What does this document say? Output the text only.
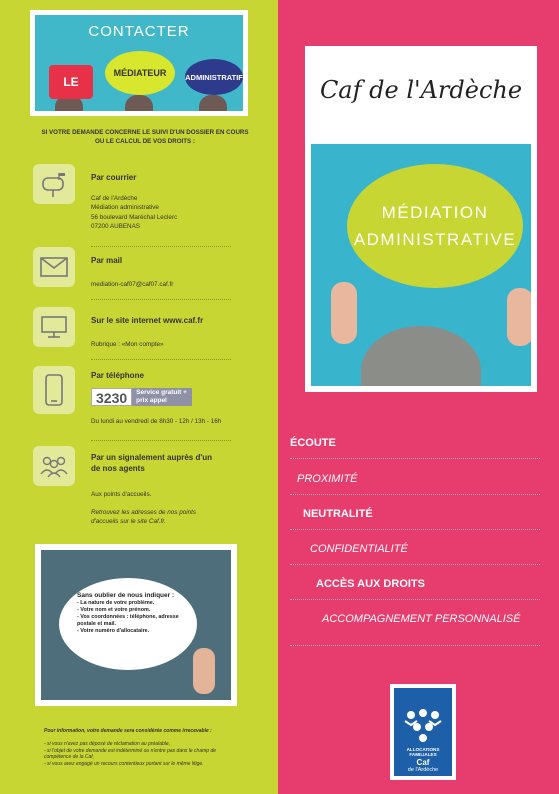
CONTACTER
LE
MÉDIATEUR	ADMINISTRATIF
SI VOTRE DEMANDE CONCERNE LE SUIVI D'UN DOSSIER EN COURS OU LE CALCUL DE VOS DROITS :
Par courrier
Caf de l'Ardèche
Médiation administrative
56 boulevard Maréchal Leclerc
07200 AUBENAS
Par mail
mediation-caf07@caf07.caf.fr
Sur le site internet www.caf.fr
Rubrique : «Mon compte»
Par téléphone
3230	Service gratuit + prix appel
Du lundi au vendredi de 8h30 - 12h / 13h - 16h
Par un signalement auprès d'un de nos agents
Aux points d'accueils.
Retrouvez les adresses de nos points d'accueils sur le site Caf.fr.
Sans oublier de nous indiquer :
- La nature de votre problème.
- Votre nom et votre prénom.
- Vos coordonnées : téléphone, adresse postale et mail.
- Votre numéro d'allocataire.
Pour information, votre demande sera considérée comme irrecevable :
- si vous n'avez pas déposé de réclamation au préalable,
- si l'objet de votre demande est indéterminé ou n'entre pas dans le champ de compétence de la Caf,
- si vous avez engagé un recours contentieux portant sur le même litige.
Caf de l'Ardèche
MÉDIATION
ADMINISTRATIVE
ÉCOUTE
PROXIMITÉ
NEUTRALITÉ
CONFIDENTIALITÉ
ACCÈS AUX DROITS
ACCOMPAGNEMENT PERSONNALISÉ
ALLOCATIONS
FAMILIALES
Caf
de l'Ardèche
